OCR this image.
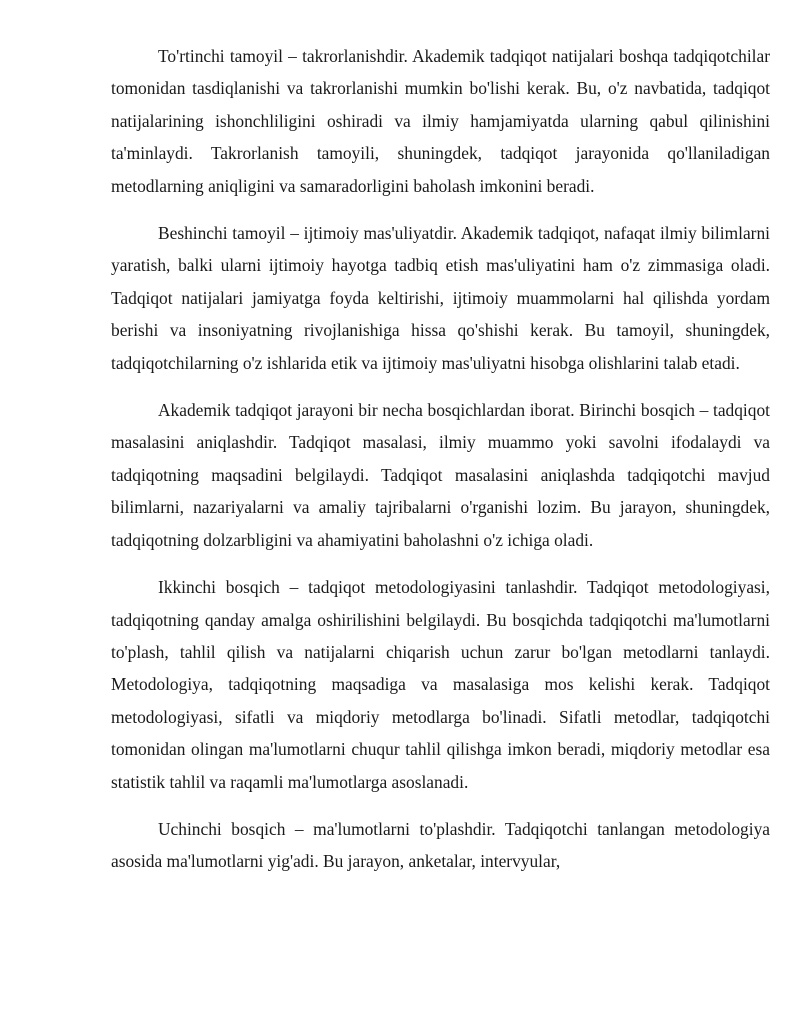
To'rtinchi tamoyil – takrorlanishdir. Akademik tadqiqot natijalari boshqa tadqiqotchilar tomonidan tasdiqlanishi va takrorlanishi mumkin bo'lishi kerak. Bu, o'z navbatida, tadqiqot natijalarining ishonchliligini oshiradi va ilmiy hamjamiyatda ularning qabul qilinishini ta'minlaydi. Takrorlanish tamoyili, shuningdek, tadqiqot jarayonida qo'llaniladigan metodlarning aniqligini va samaradorligini baholash imkonini beradi.

Beshinchi tamoyil – ijtimoiy mas'uliyatdir. Akademik tadqiqot, nafaqat ilmiy bilimlarni yaratish, balki ularni ijtimoiy hayotga tadbiq etish mas'uliyatini ham o'z zimmasiga oladi. Tadqiqot natijalari jamiyatga foyda keltirishi, ijtimoiy muammolarni hal qilishda yordam berishi va insoniyatning rivojlanishiga hissa qo'shishi kerak. Bu tamoyil, shuningdek, tadqiqotchilarning o'z ishlarida etik va ijtimoiy mas'uliyatni hisobga olishlarini talab etadi.

Akademik tadqiqot jarayoni bir necha bosqichlardan iborat. Birinchi bosqich – tadqiqot masalasini aniqlashdir. Tadqiqot masalasi, ilmiy muammo yoki savolni ifodalaydi va tadqiqotning maqsadini belgilaydi. Tadqiqot masalasini aniqlashda tadqiqotchi mavjud bilimlarni, nazariyalarni va amaliy tajribalarni o'rganishi lozim. Bu jarayon, shuningdek, tadqiqotning dolzarbligini va ahamiyatini baholashni o'z ichiga oladi.

Ikkinchi bosqich – tadqiqot metodologiyasini tanlashdir. Tadqiqot metodologiyasi, tadqiqotning qanday amalga oshirilishini belgilaydi. Bu bosqichda tadqiqotchi ma'lumotlarni to'plash, tahlil qilish va natijalarni chiqarish uchun zarur bo'lgan metodlarni tanlaydi. Metodologiya, tadqiqotning maqsadiga va masalasiga mos kelishi kerak. Tadqiqot metodologiyasi, sifatli va miqdoriy metodlarga bo'linadi. Sifatli metodlar, tadqiqotchi tomonidan olingan ma'lumotlarni chuqur tahlil qilishga imkon beradi, miqdoriy metodlar esa statistik tahlil va raqamli ma'lumotlarga asoslanadi.

Uchinchi bosqich – ma'lumotlarni to'plashdir. Tadqiqotchi tanlangan metodologiya asosida ma'lumotlarni yig'adi. Bu jarayon, anketalar, intervyular,
